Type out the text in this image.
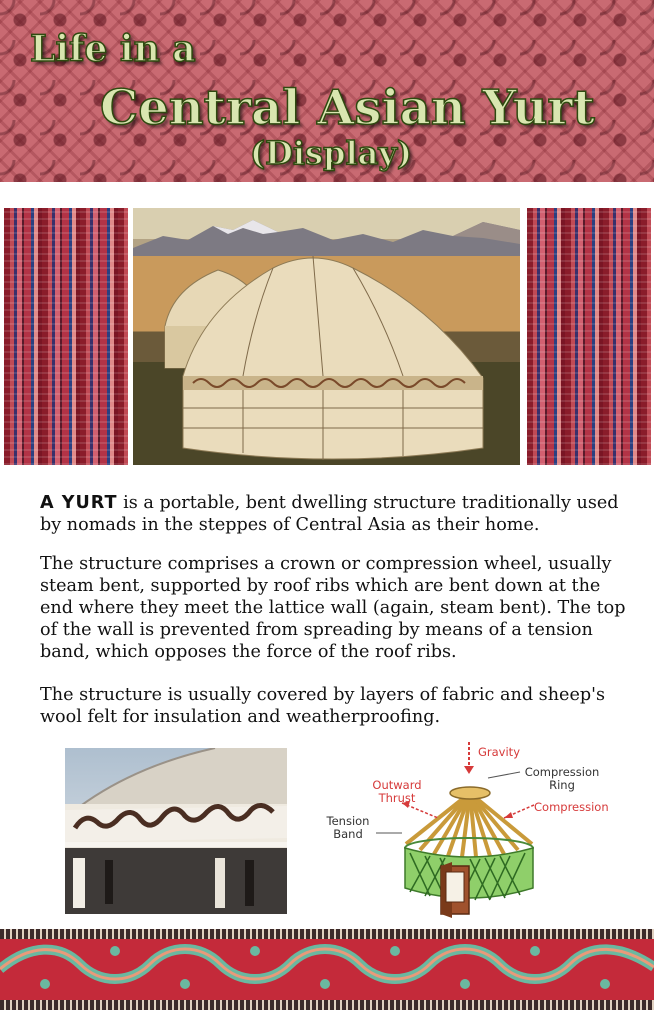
Life in a
Central Asian Yurt
(Display)
A YURT is a portable, bent dwelling structure traditionally used by nomads in the steppes of Central Asia as their home.
The structure comprises a crown or compression wheel, usually steam bent, supported by roof ribs which are bent down at the end where they meet the lattice wall (again, steam bent). The top of the wall is prevented from spreading by means of a tension band, which opposes the force of the roof ribs.
The structure is usually covered by layers of fabric and sheep's wool felt for insulation and weatherproofing.
Gravity
Compression
Ring
Outward
Thrust
Compression
Tension
Band
